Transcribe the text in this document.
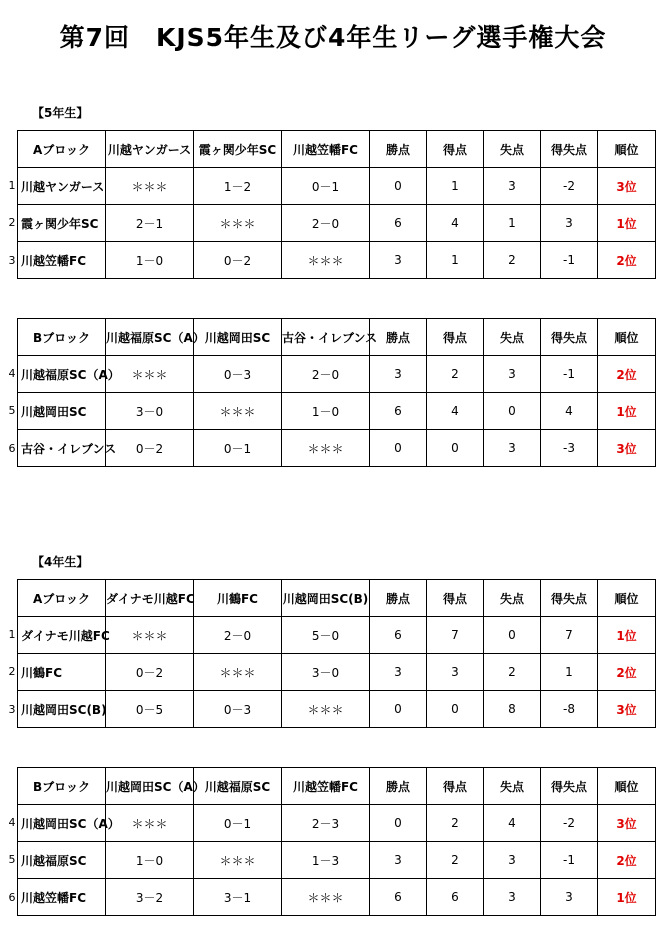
第7回　KJS5年生及び4年生リーグ選手権大会
【5年生】
1
2
3
Aブロック	川越ヤンガース	霞ヶ関少年SC	川越笠幡FC	勝点	得点	失点	得失点	順位
川越ヤンガース	＊＊＊	1－2	0－1	0	1	3	-2	3位
霞ヶ関少年SC	2－1	＊＊＊	2－0	6	4	1	3	1位
川越笠幡FC	1－0	0－2	＊＊＊	3	1	2	-1	2位
4
5
6
Bブロック	川越福原SC（A）	川越岡田SC	古谷・イレブンス	勝点	得点	失点	得失点	順位
川越福原SC（A）	＊＊＊	0－3	2－0	3	2	3	-1	2位
川越岡田SC	3－0	＊＊＊	1－0	6	4	0	4	1位
古谷・イレブンス	0－2	0－1	＊＊＊	0	0	3	-3	3位
【4年生】
1
2
3
Aブロック	ダイナモ川越FC	川鶴FC	川越岡田SC(B)	勝点	得点	失点	得失点	順位
ダイナモ川越FC	＊＊＊	2－0	5－0	6	7	0	7	1位
川鶴FC	0－2	＊＊＊	3－0	3	3	2	1	2位
川越岡田SC(B)	0－5	0－3	＊＊＊	0	0	8	-8	3位
4
5
6
Bブロック	川越岡田SC（A）	川越福原SC	川越笠幡FC	勝点	得点	失点	得失点	順位
川越岡田SC（A）	＊＊＊	0－1	2－3	0	2	4	-2	3位
川越福原SC	1－0	＊＊＊	1－3	3	2	3	-1	2位
川越笠幡FC	3－2	3－1	＊＊＊	6	6	3	3	1位
